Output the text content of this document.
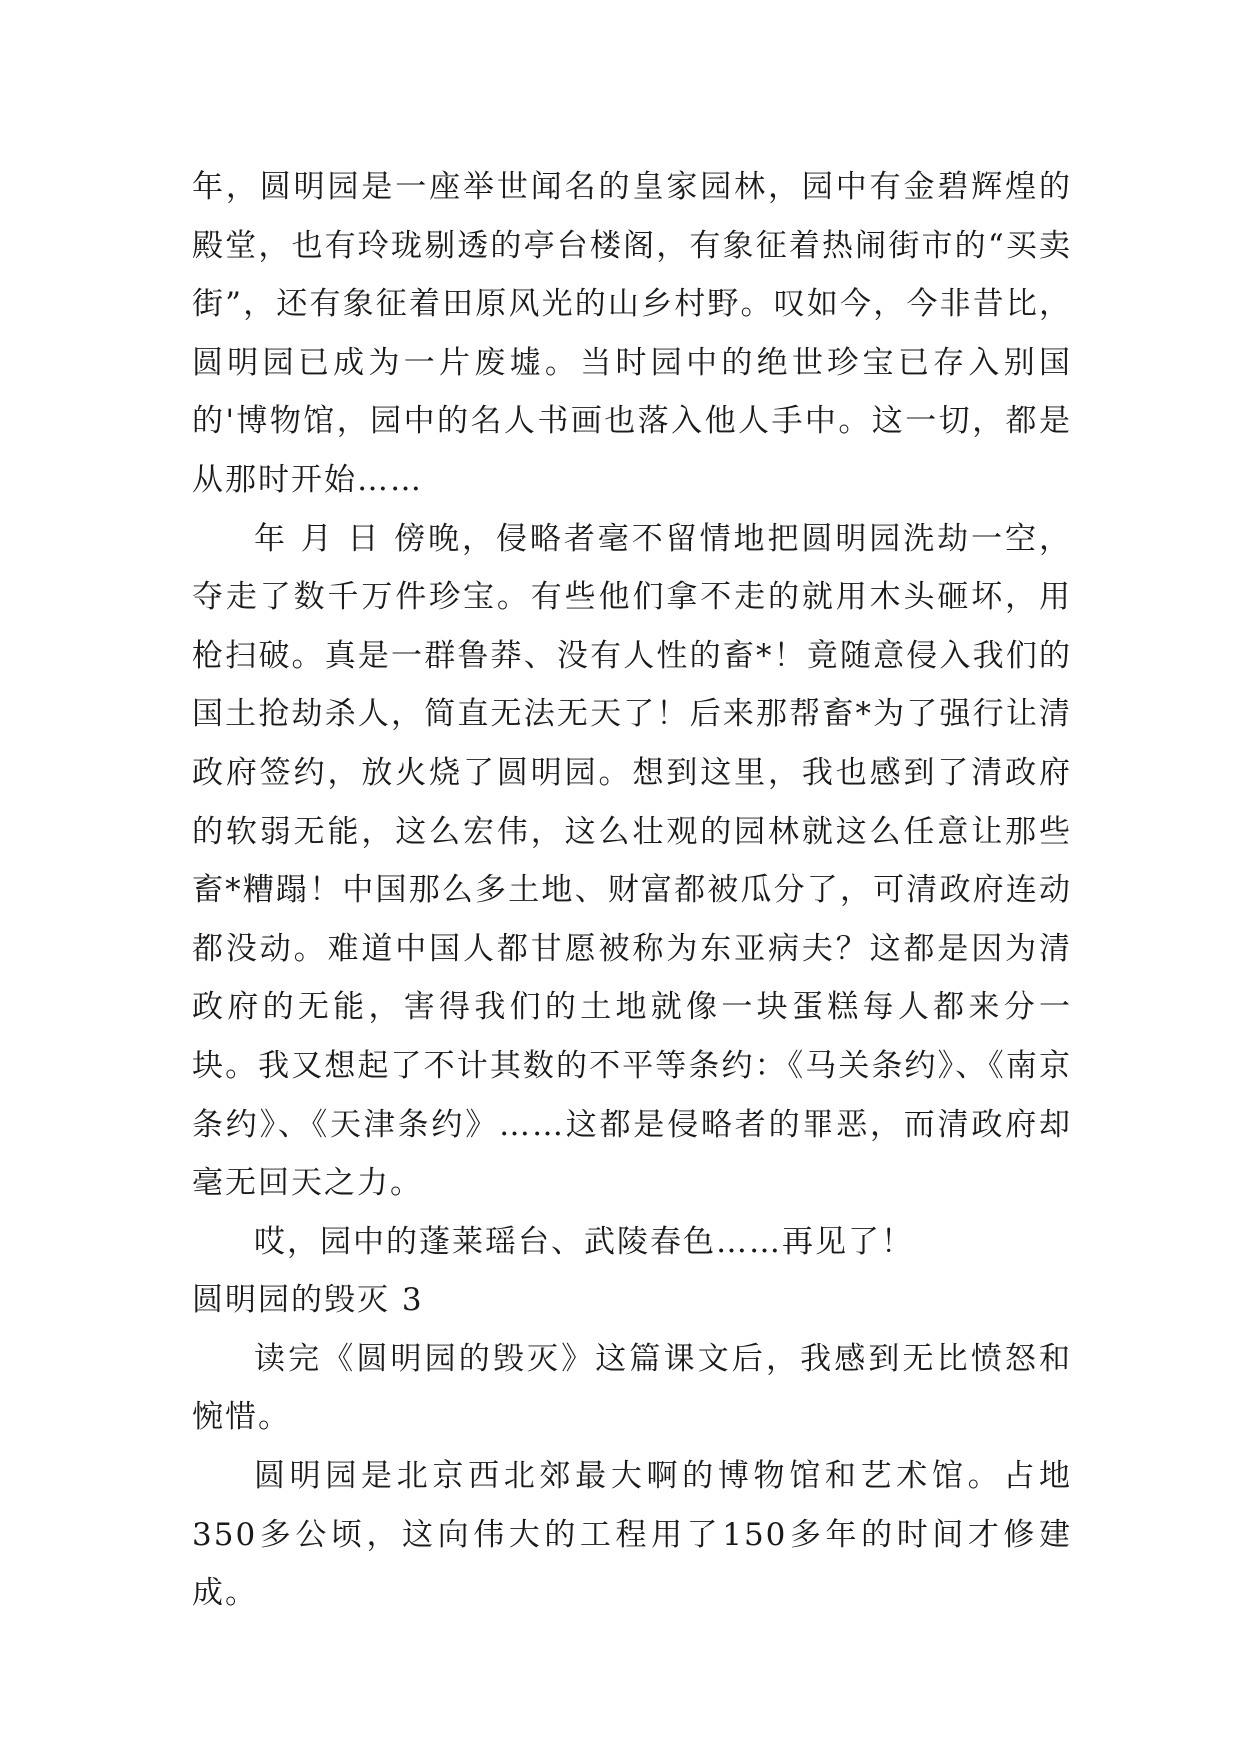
年，圆明园是一座举世闻名的皇家园林，园中有金碧辉煌的殿堂，也有玲珑剔透的亭台楼阁，有象征着热闹街市的“买卖街”，还有象征着田原风光的山乡村野。叹如今，今非昔比，圆明园已成为一片废墟。当时园中的绝世珍宝已存入别国的'博物馆，园中的名人书画也落入他人手中。这一切，都是从那时开始……

年 月 日 傍晚，侵略者毫不留情地把圆明园洗劫一空，夺走了数千万件珍宝。有些他们拿不走的就用木头砸坏，用枪扫破。真是一群鲁莽、没有人性的畜*！竟随意侵入我们的国土抢劫杀人，简直无法无天了！后来那帮畜*为了强行让清政府签约，放火烧了圆明园。想到这里，我也感到了清政府的软弱无能，这么宏伟，这么壮观的园林就这么任意让那些畜*糟蹋！中国那么多土地、财富都被瓜分了，可清政府连动都没动。难道中国人都甘愿被称为东亚病夫？这都是因为清政府的无能，害得我们的土地就像一块蛋糕每人都来分一块。我又想起了不计其数的不平等条约：《马关条约》、《南京条约》、《天津条约》……这都是侵略者的罪恶，而清政府却毫无回天之力。

哎，园中的蓬莱瑶台、武陵春色……再见了！

圆明园的毁灭 3

读完《圆明园的毁灭》这篇课文后，我感到无比愤怒和惋惜。

圆明园是北京西北郊最大啊的博物馆和艺术馆。占地350多公顷，这向伟大的工程用了150多年的时间才修建成。
